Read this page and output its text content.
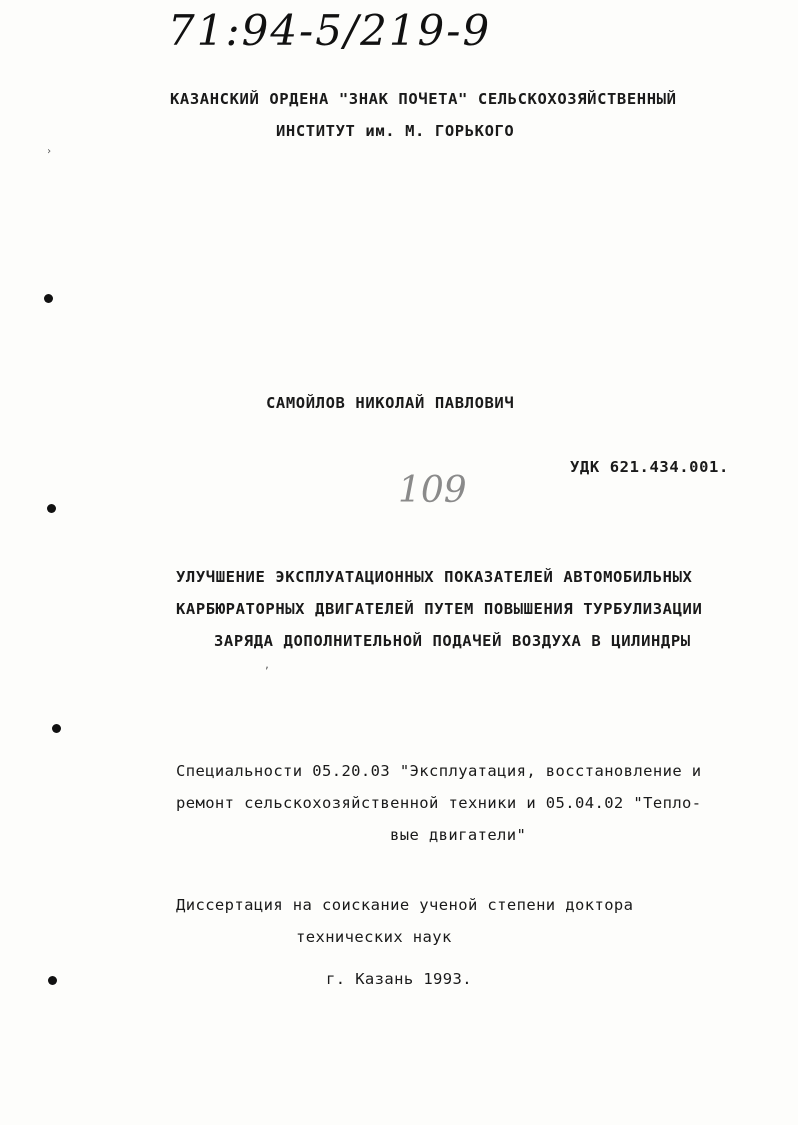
71:94-5/219-9
КАЗАНСКИЙ ОРДЕНА "ЗНАК ПОЧЕТА" СЕЛЬСКОХОЗЯЙСТВЕННЫЙ
ИНСТИТУТ им. М. ГОРЬКОГО
›
САМОЙЛОВ НИКОЛАЙ ПАВЛОВИЧ
УДК 621.434.001.
109
УЛУЧШЕНИЕ ЭКСПЛУАТАЦИОННЫХ ПОКАЗАТЕЛЕЙ АВТОМОБИЛЬНЫХ
КАРБЮРАТОРНЫХ ДВИГАТЕЛЕЙ ПУТЕМ ПОВЫШЕНИЯ ТУРБУЛИЗАЦИИ
ЗАРЯДА ДОПОЛНИТЕЛЬНОЙ ПОДАЧЕЙ ВОЗДУХА В ЦИЛИНДРЫ
,
Специальности 05.20.03 "Эксплуатация, восстановление и
ремонт сельскохозяйственной техники и 05.04.02 "Тепло-
вые двигатели"
Диссертация на соискание ученой степени доктора
технических наук
г. Казань 1993.
